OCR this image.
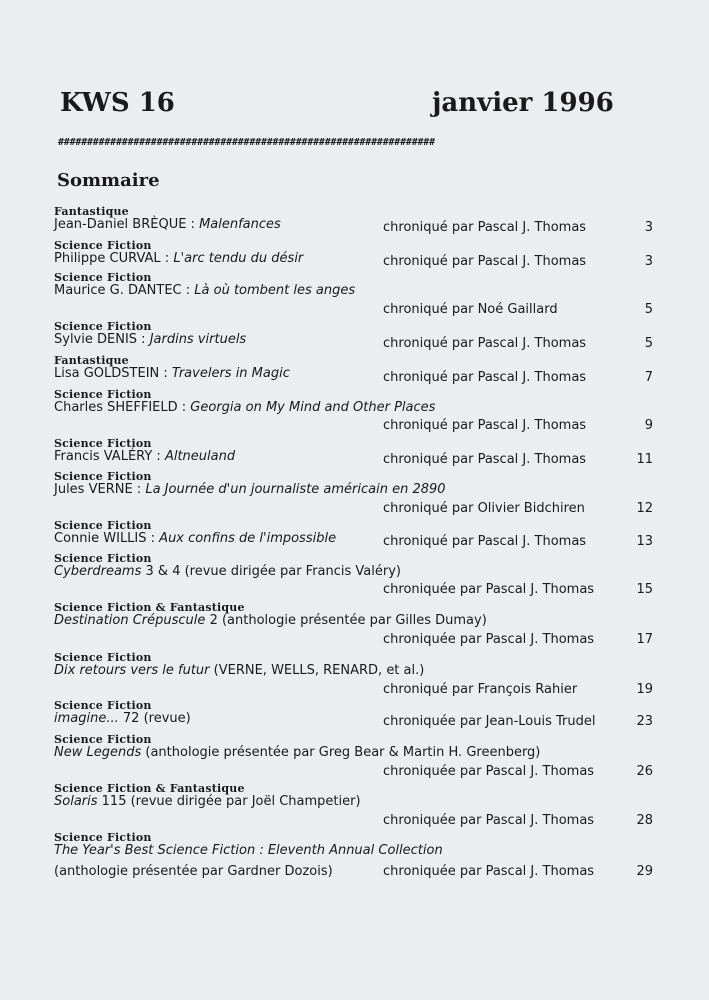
KWS 16	janvier 1996
#################################################################
Sommaire
Fantastique
Jean-Daniel BRÈQUE : Malenfances	chroniqué par Pascal J. Thomas	3
Science Fiction
Philippe CURVAL : L'arc tendu du désir	chroniqué par Pascal J. Thomas	3
Science Fiction
Maurice G. DANTEC : Là où tombent les anges
chroniqué par Noé Gaillard	5
Science Fiction
Sylvie DENIS : Jardins virtuels	chroniqué par Pascal J. Thomas	5
Fantastique
Lisa GOLDSTEIN : Travelers in Magic	chroniqué par Pascal J. Thomas	7
Science Fiction
Charles SHEFFIELD : Georgia on My Mind and Other Places
chroniqué par Pascal J. Thomas	9
Science Fiction
Francis VALÉRY : Altneuland	chroniqué par Pascal J. Thomas	11
Science Fiction
Jules VERNE : La Journée d'un journaliste américain en 2890
chroniqué par Olivier Bidchiren	12
Science Fiction
Connie WILLIS : Aux confins de l'impossible	chroniqué par Pascal J. Thomas	13
Science Fiction
Cyberdreams 3 & 4 (revue dirigée par Francis Valéry)
chroniquée par Pascal J. Thomas	15
Science Fiction & Fantastique
Destination Crépuscule 2 (anthologie présentée par Gilles Dumay)
chroniquée par Pascal J. Thomas	17
Science Fiction
Dix retours vers le futur (VERNE, WELLS, RENARD, et al.)
chroniqué par François Rahier	19
Science Fiction
imagine... 72 (revue)	chroniquée par Jean-Louis Trudel	23
Science Fiction
New Legends (anthologie présentée par Greg Bear & Martin H. Greenberg)
chroniquée par Pascal J. Thomas	26
Science Fiction & Fantastique
Solaris 115 (revue dirigée par Joël Champetier)
chroniquée par Pascal J. Thomas	28
Science Fiction
The Year's Best Science Fiction : Eleventh Annual Collection
(anthologie présentée par Gardner Dozois)	chroniquée par Pascal J. Thomas	29
